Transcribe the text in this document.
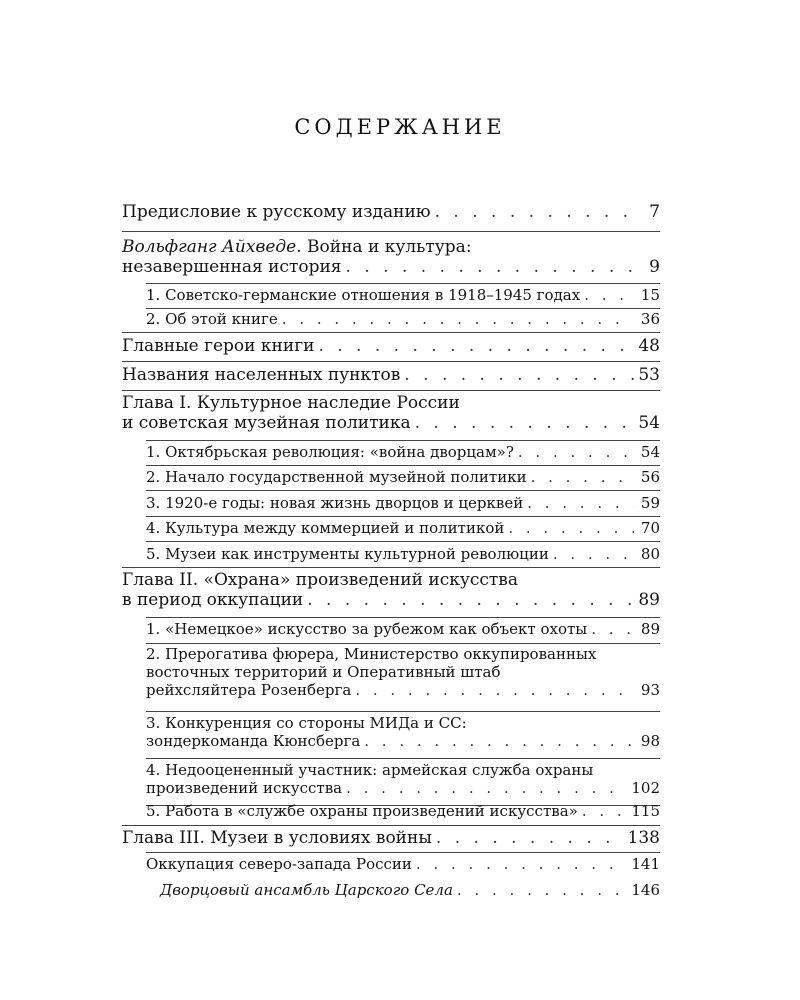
СОДЕРЖАНИЕ
Предисловие к русскому изданию . . .	7
Вольфганг Айхведе. Война и культура:
незавершенная история . . .	9
1. Советско-германские отношения в 1918–1945 годах . . .	15
2. Об этой книге . . .	36
Главные герои книги . . .	48
Названия населенных пунктов . . .	53
Глава I. Культурное наследие России
и советская музейная политика . . .	54
1. Октябрьская революция: «война дворцам»? . . .	54
2. Начало государственной музейной политики . . .	56
3. 1920-е годы: новая жизнь дворцов и церквей . . .	59
4. Культура между коммерцией и политикой . . .	70
5. Музеи как инструменты культурной революции . . .	80
Глава II. «Охрана» произведений искусства
в период оккупации . . .	89
1. «Немецкое» искусство за рубежом как объект охоты . . .	89
2. Прерогатива фюрера, Министерство оккупированных
восточных территорий и Оперативный штаб
рейхсляйтера Розенберга . . .	93
3. Конкуренция со стороны МИДа и СС:
зондеркоманда Кюнсберга . . .	98
4. Недооцененный участник: армейская служба охраны
произведений искусства . . .	102
5. Работа в «службе охраны произведений искусства» . . .	115
Глава III. Музеи в условиях войны . . .	138
Оккупация северо-запада России . . .	141
Дворцовый ансамбль Царского Села . . .	146
